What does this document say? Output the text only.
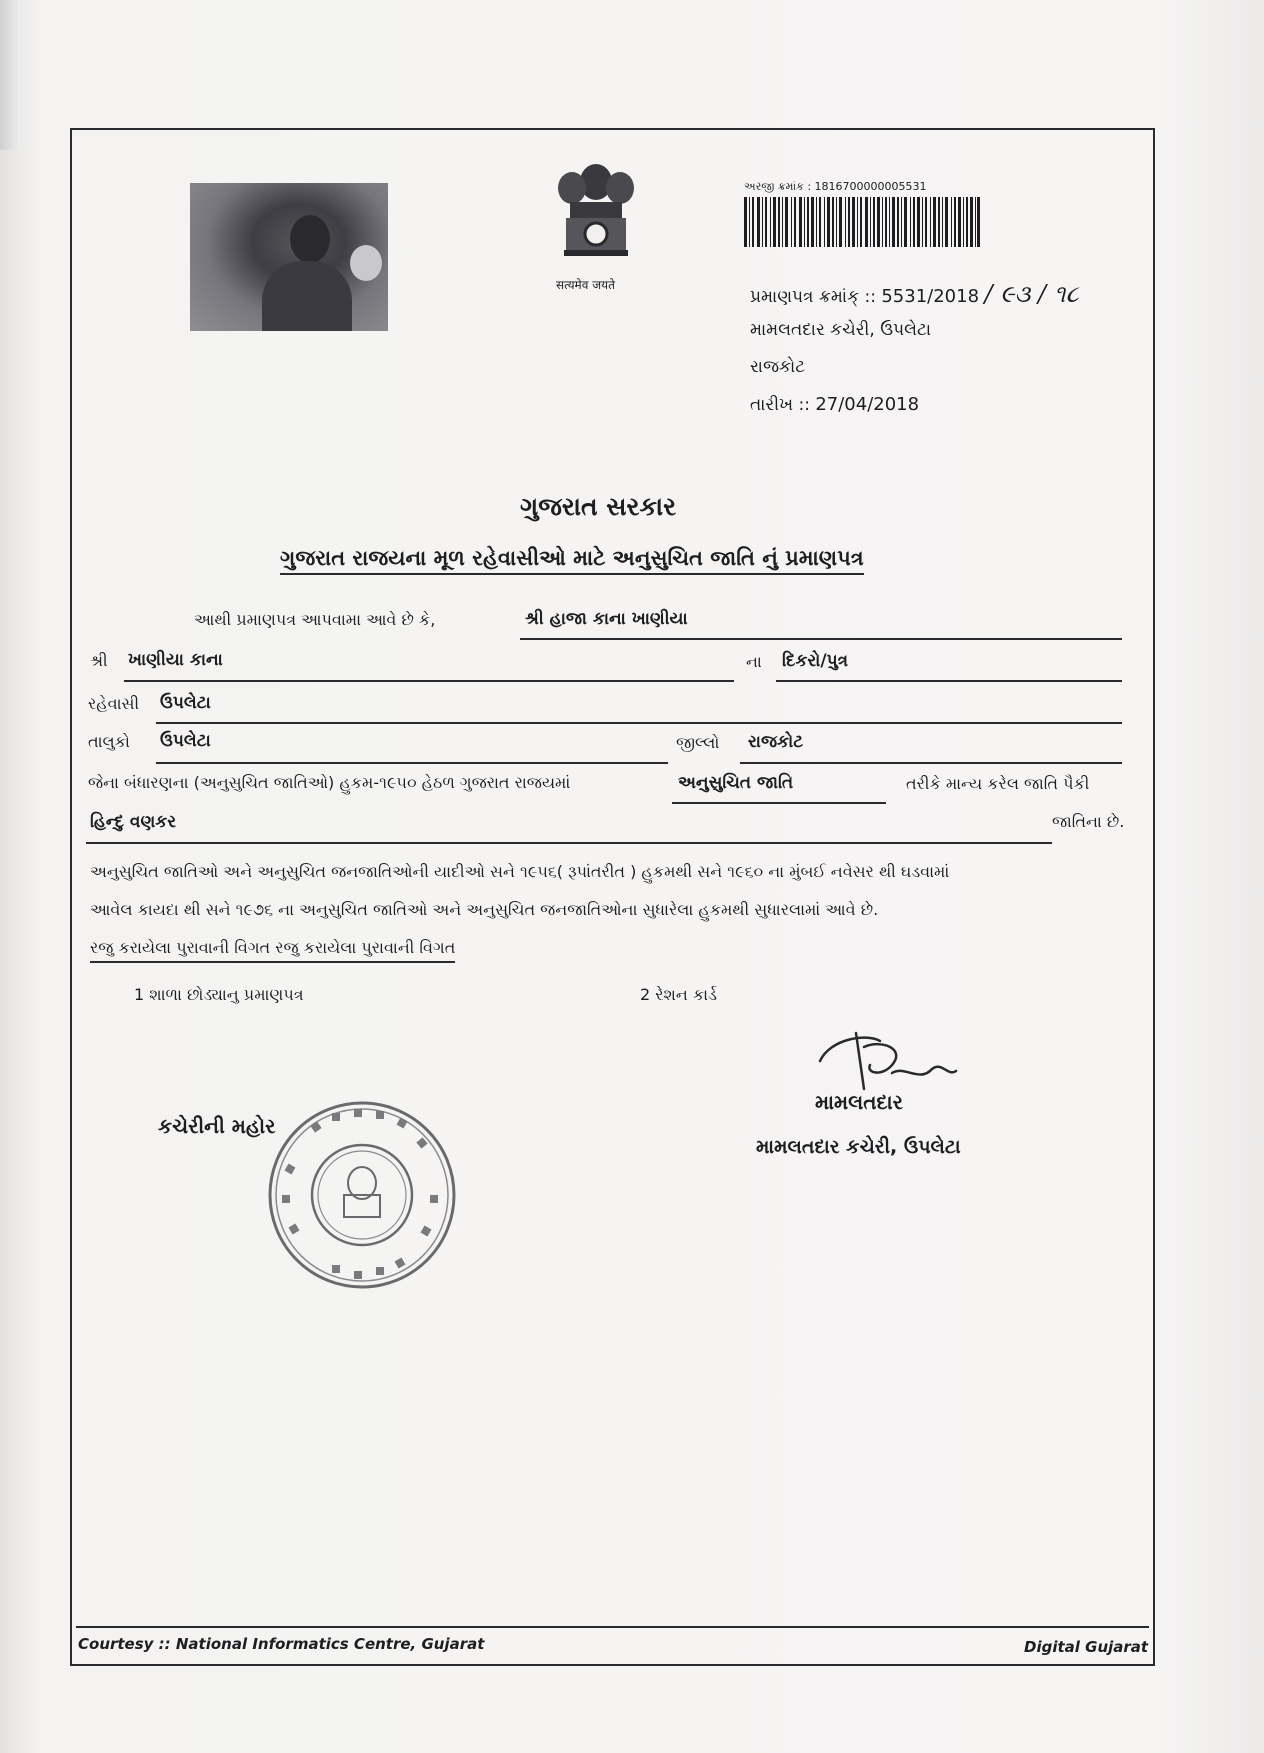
सत्यमेव जयते
અરજી ક્રમાંક : 1816700000005531
પ્રમાણપત્ર ક્રમાંક્ :: 5531/2018 / ૯૩ / ૧૮
મામલતદાર કચેરી, ઉપલેટા
રાજકોટ
તારીખ :: 27/04/2018
ગુજરાત સરકાર
ગુજરાત રાજયના મૂળ રહેવાસીઓ માટે અનુસુચિત જાતિ નું પ્રમાણપત્ર
આથી પ્રમાણપત્ર આપવામા આવે છે કે,	શ્રી હાજા કાના ખાણીયા
શ્રી ખાણીયા કાના	ના દિકરો/પુત્ર
રહેવાસી ઉપલેટા
તાલુકો ઉપલેટા	જીલ્લો રાજકોટ
જેના બંધારણના (અનુસુચિત જાતિઓ) હુકમ-૧૯૫૦ હેઠળ ગુજરાત રાજયમાં	અનુસુચિત જાતિ	તરીકે માન્ય કરેલ જાતિ પૈકી
હિન્દુ વણકર	જાતિના છે.
અનુસુચિત જાતિઓ અને અનુસુચિત જનજાતિઓની યાદીઓ સને ૧૯૫૬( રૂપાંતરીત ) હુકમથી સને ૧૯૬૦ ના મુંબઈ નવેસર થી ઘડવામાં
આવેલ કાયદા થી સને ૧૯૭૬ ના અનુસુચિત જાતિઓ અને અનુસુચિત જનજાતિઓના સુધારેલા હુકમથી સુધારલામાં આવે છે.
રજુ કરાયેલા પુરાવાની વિગત રજુ કરાયેલા પુરાવાની વિગત
1 શાળા છોડ્યાનુ પ્રમાણપત્ર	2 રેશન કાર્ડ
મામલતદાર
મામલતદાર કચેરી, ઉપલેટા
કચેરીની મહોર
Courtesy :: National Informatics Centre, Gujarat	Digital Gujarat
